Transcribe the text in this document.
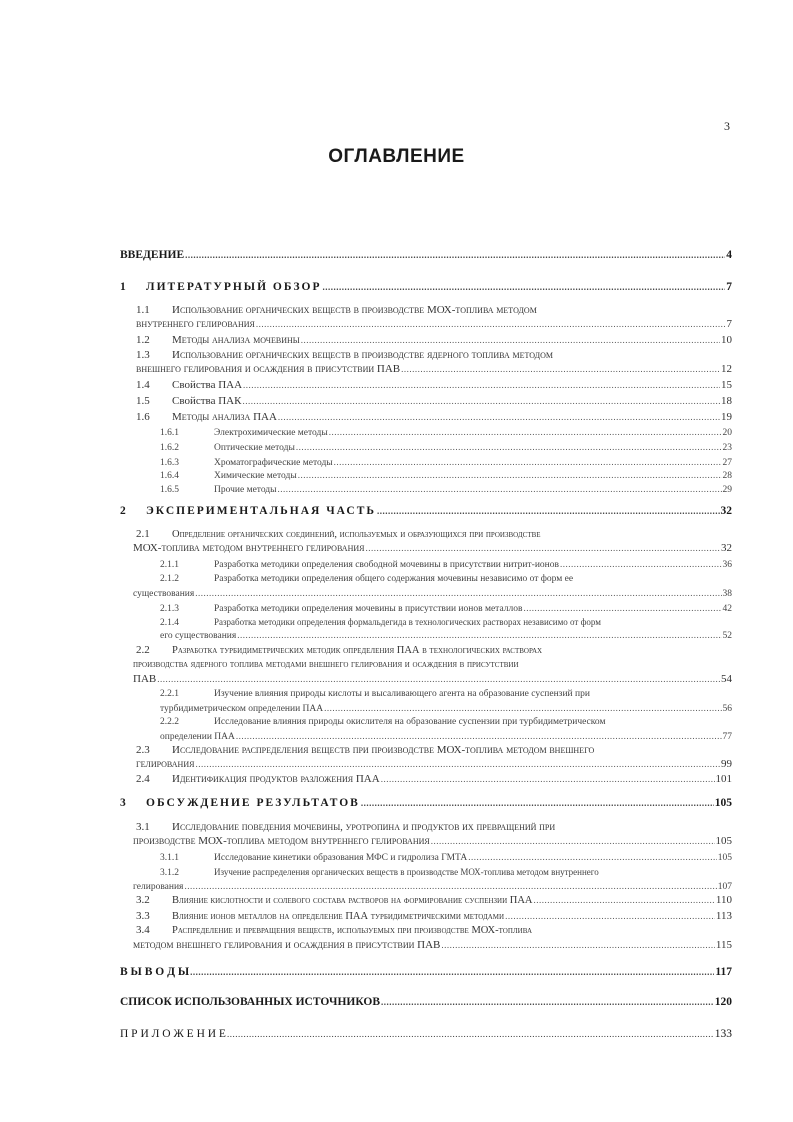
3
ОГЛАВЛЕНИЕ
ВВЕДЕНИЕ .....	4
1	ЛИТЕРАТУРНЫЙ ОБЗОР .....	7
1.1 Использование органических веществ в производстве МОХ-топлива методом
внутреннего гелирования .....	7
1.2	Методы анализа мочевины .....	10
1.3 Использование органических веществ в производстве ядерного топлива методом
внешнего гелирования и осаждения в присутствии ПАВ .....	12
1.4	Свойства ПАА .....	15
1.5	Свойства ПАК .....	18
1.6	Методы анализа ПАА .....	19
1.6.1	Электрохимические методы .....	20
1.6.2	Оптические методы .....	23
1.6.3	Хроматографические методы .....	27
1.6.4	Химические методы .....	28
1.6.5	Прочие методы .....	29
2	ЭКСПЕРИМЕНТАЛЬНАЯ ЧАСТЬ .....	32
2.1 Определение органических соединений, используемых и образующихся при производстве
МОХ-топлива методом внутреннего гелирования .....	32
2.1.1	Разработка методики определения свободной мочевины в присутствии нитрит-ионов .....	36
2.1.2	Разработка методики определения общего содержания мочевины независимо от форм ее
существования .....	38
2.1.3	Разработка методики определения мочевины в присутствии ионов металлов .....	42
2.1.4	Разработка методики определения формальдегида в технологических растворах независимо от форм
его существования .....	52
2.2 Разработка турбидиметрических методик определения ПАА в технологических растворах
производства ядерного топлива методами внешнего гелирования и осаждения в присутствии
ПАВ .....	54
2.2.1	Изучение влияния природы кислоты и высаливающего агента на образование суспензий при
турбидиметрическом определении ПАА .....	56
2.2.2	Исследование влияния природы окислителя на образование суспензии при турбидиметрическом
определении ПАА .....	77
2.3 Исследование распределения веществ при производстве МОХ-топлива методом внешнего
гелирования .....	99
2.4	Идентификация продуктов разложения ПАА .....	101
3	ОБСУЖДЕНИЕ РЕЗУЛЬТАТОВ .....	105
3.1 Исследование поведения мочевины, уротропина и продуктов их превращений при
производстве МОХ-топлива методом внутреннего гелирования .....	105
3.1.1	Исследование кинетики образования МФС и гидролиза ГМТА .....	105
3.1.2	Изучение распределения органических веществ в производстве МОХ-топлива методом внутреннего
гелирования .....	107
3.2	Влияние кислотности и солевого состава растворов на формирование суспензии ПАА .....	110
3.3	Влияние ионов металлов на определение ПАА турбидиметрическими методами .....	113
3.4 Распределение и превращения веществ, используемых при производстве МОХ-топлива
методом внешнего гелирования и осаждения в присутствии ПАВ .....	115
В Ы В О Д Ы .....	117
СПИСОК ИСПОЛЬЗОВАННЫХ ИСТОЧНИКОВ .....	120
П Р И Л О Ж Е Н И Е .....	133
